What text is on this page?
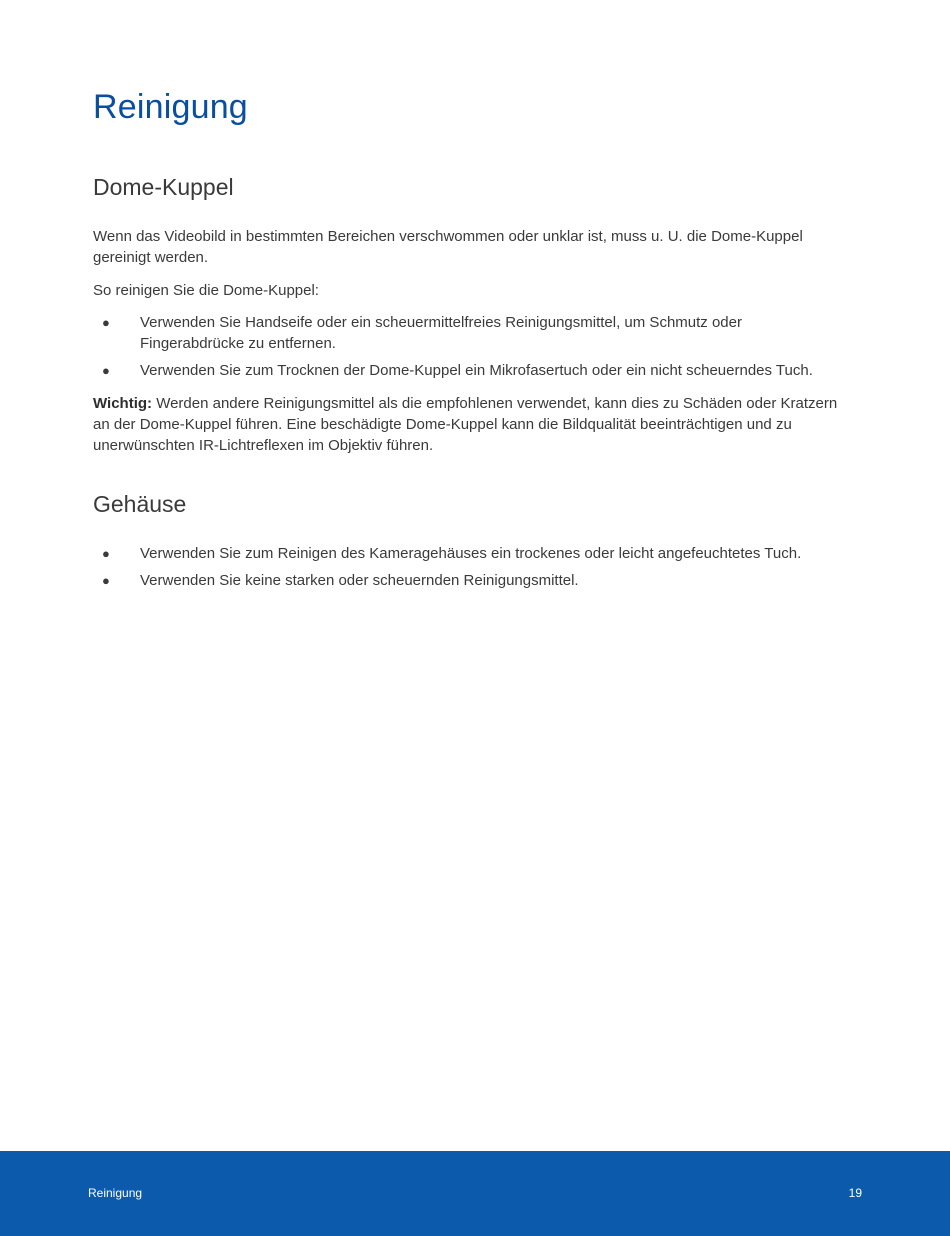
Reinigung
Dome-Kuppel

Wenn das Videobild in bestimmten Bereichen verschwommen oder unklar ist, muss u. U. die Dome-Kuppel gereinigt werden.

So reinigen Sie die Dome-Kuppel:

●	Verwenden Sie Handseife oder ein scheuermittelfreies Reinigungsmittel, um Schmutz oder Fingerabdrücke zu entfernen.
●	Verwenden Sie zum Trocknen der Dome-Kuppel ein Mikrofasertuch oder ein nicht scheuerndes Tuch.

Wichtig: Werden andere Reinigungsmittel als die empfohlenen verwendet, kann dies zu Schäden oder Kratzern an der Dome-Kuppel führen. Eine beschädigte Dome-Kuppel kann die Bildqualität beeinträchtigen und zu unerwünschten IR-Lichtreflexen im Objektiv führen.

Gehäuse
●	Verwenden Sie zum Reinigen des Kameragehäuses ein trockenes oder leicht angefeuchtetes Tuch.
●	Verwenden Sie keine starken oder scheuernden Reinigungsmittel.
Reinigung	19
